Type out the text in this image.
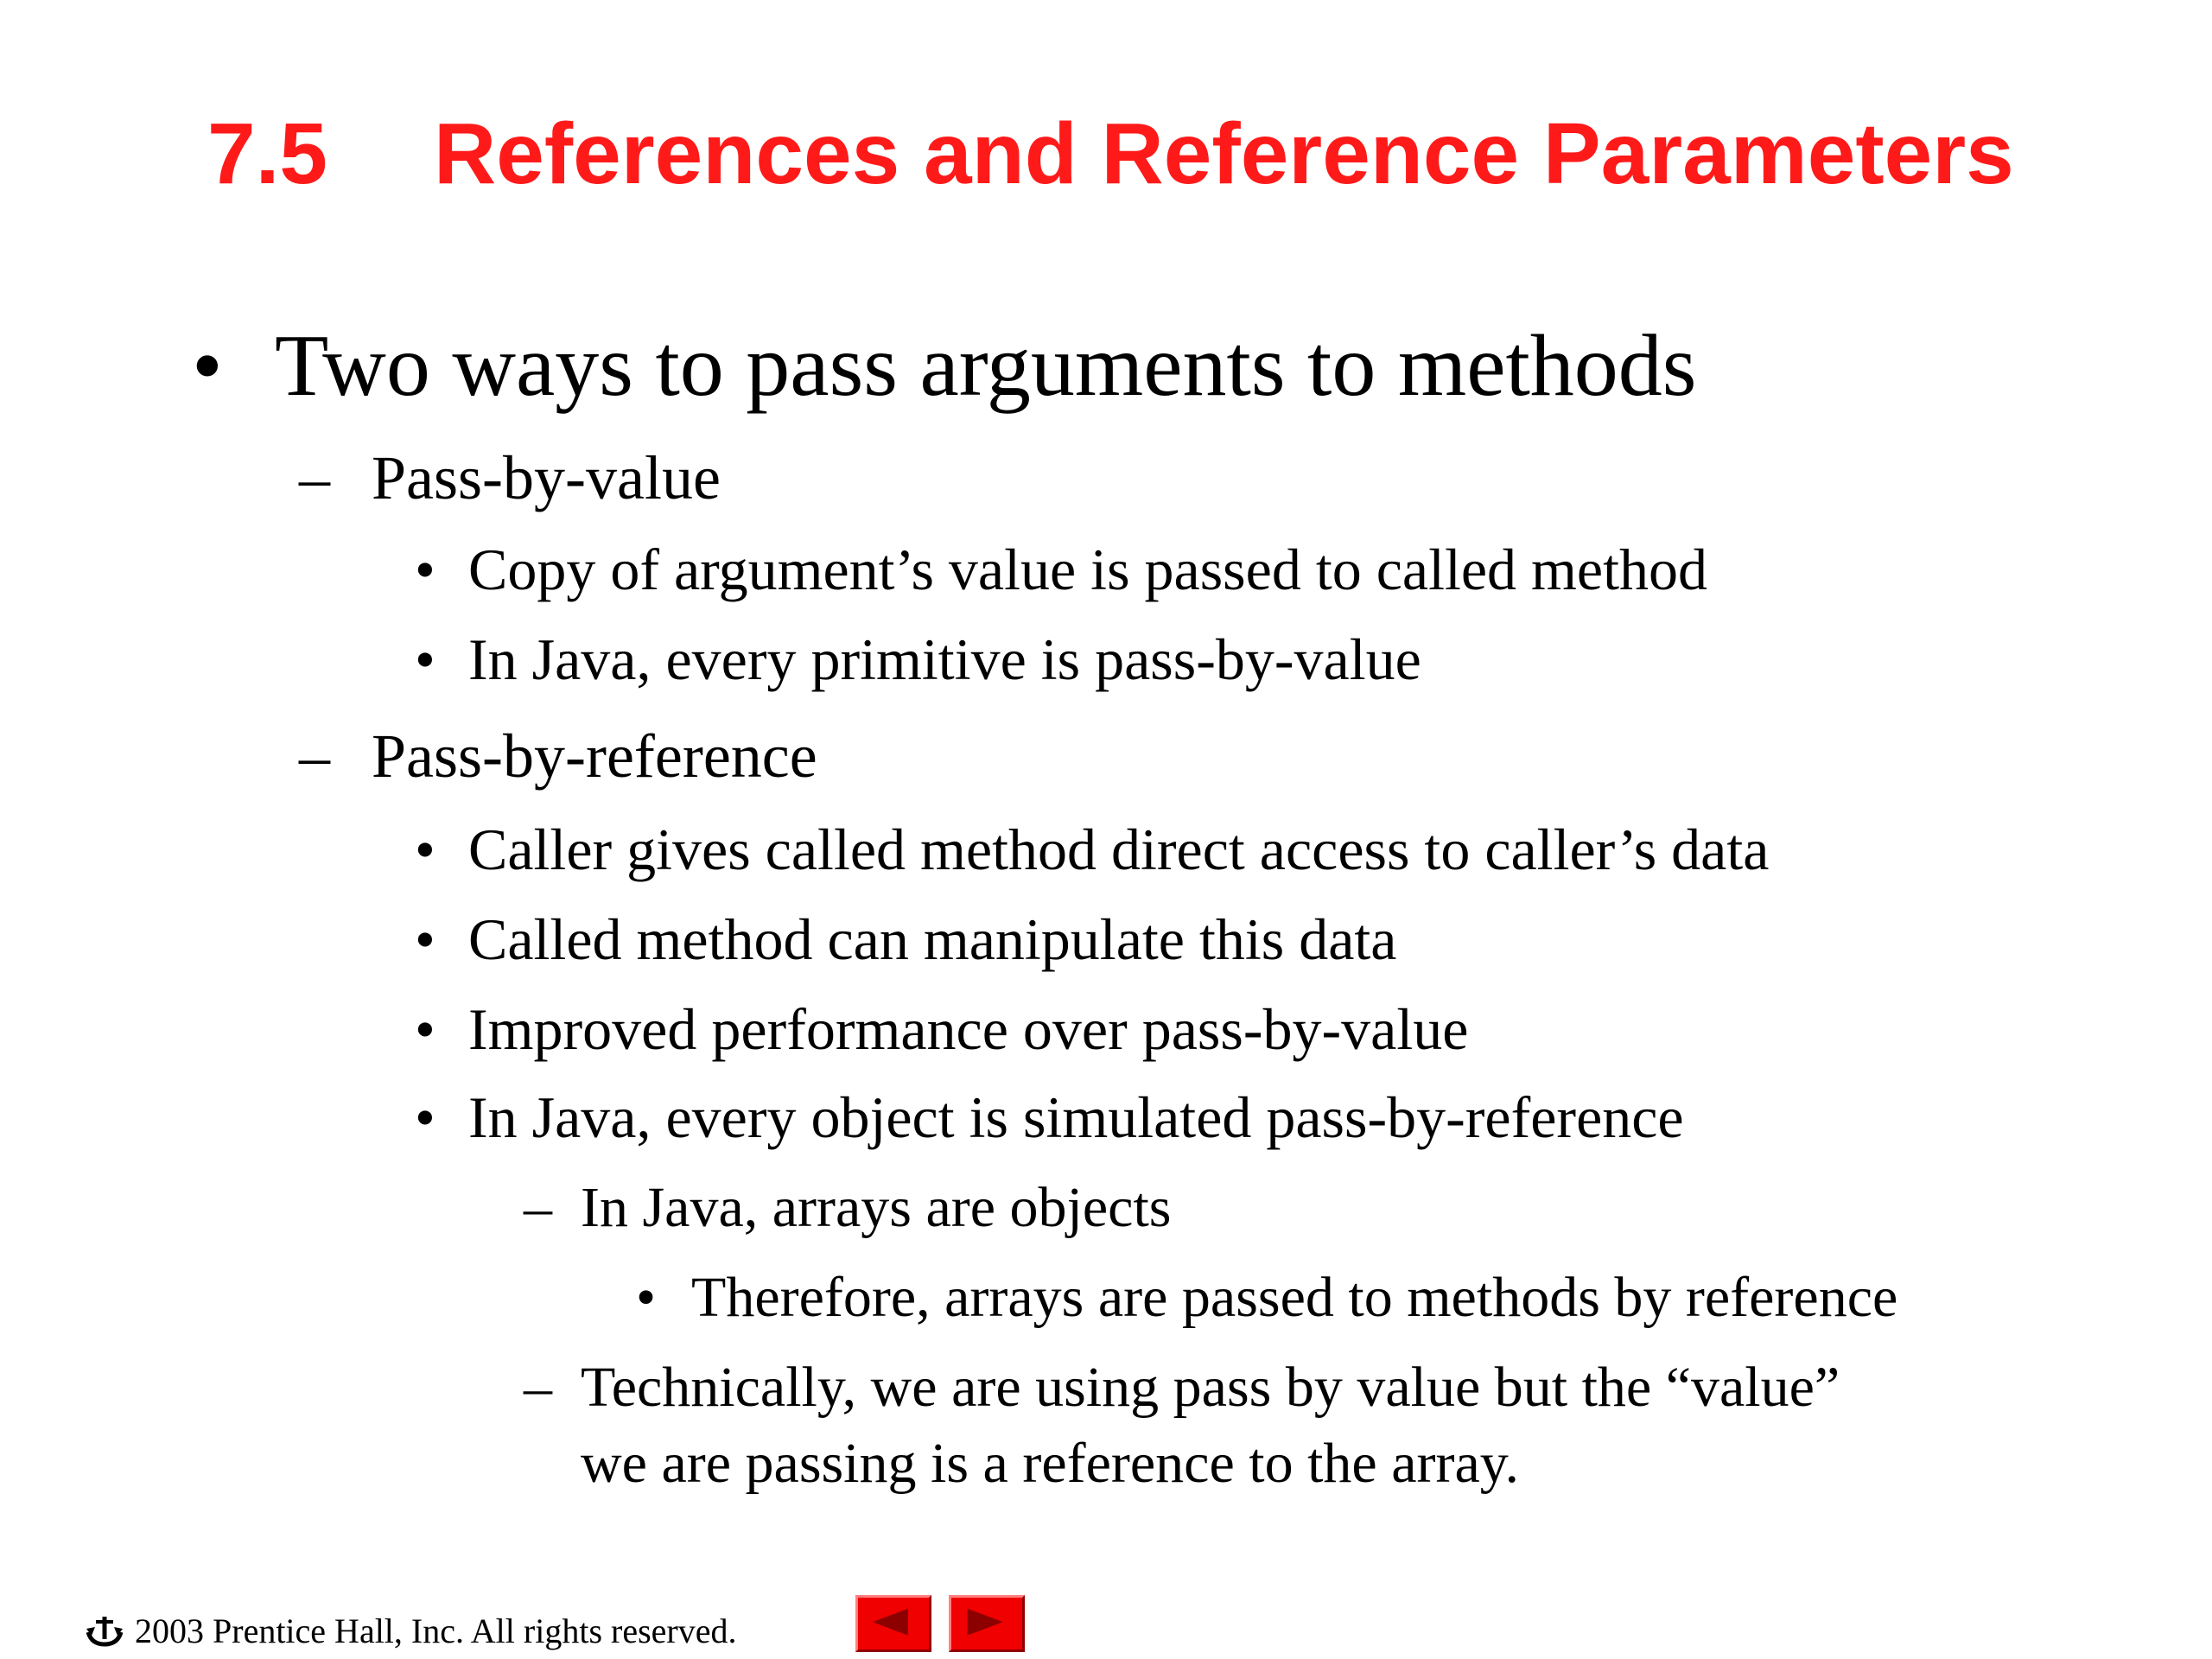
7.5 References and Reference Parameters
• Two ways to pass arguments to methods
– Pass-by-value
• Copy of argument’s value is passed to called method
• In Java, every primitive is pass-by-value
– Pass-by-reference
• Caller gives called method direct access to caller’s data
• Called method can manipulate this data
• Improved performance over pass-by-value
• In Java, every object is simulated pass-by-reference
– In Java, arrays are objects
• Therefore, arrays are passed to methods by reference
– Technically, we are using pass by value but the “value”
we are passing is a reference to the array.
2003 Prentice Hall, Inc. All rights reserved.
